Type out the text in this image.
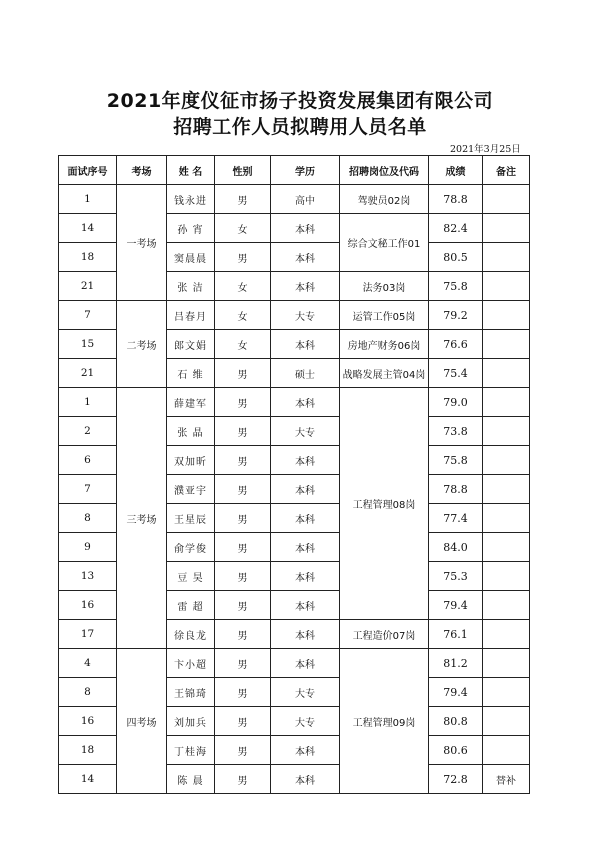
2021年度仪征市扬子投资发展集团有限公司
招聘工作人员拟聘用人员名单
2021年3月25日
面试序号	考场	姓 名	性别	学历	招聘岗位及代码	成绩	备注
1	一考场	钱永进	男	高中	驾驶员02岗	78.8	
14		孙 宵	女	本科	综合文秘工作01	82.4	
18		窦晨晨	男	本科		80.5	
21		张 洁	女	本科	法务03岗	75.8	
7	二考场	吕春月	女	大专	运管工作05岗	79.2	
15		郎文娟	女	本科	房地产财务06岗	76.6	
21		石 维	男	硕士	战略发展主管04岗	75.4	
1	三考场	薛建军	男	本科	工程管理08岗	79.0	
2		张 晶	男	大专		73.8	
6		双加昕	男	本科		75.8	
7		濮亚宇	男	本科		78.8	
8		王星辰	男	本科		77.4	
9		俞学俊	男	本科		84.0	
13		豆 昊	男	本科		75.3	
16		雷 超	男	本科		79.4	
17		徐良龙	男	本科	工程造价07岗	76.1	
4	四考场	卞小超	男	本科	工程管理09岗	81.2	
8		王锦琦	男	大专		79.4	
16		刘加兵	男	大专		80.8	
18		丁桂海	男	本科		80.6	
14		陈 晨	男	本科		72.8	替补
